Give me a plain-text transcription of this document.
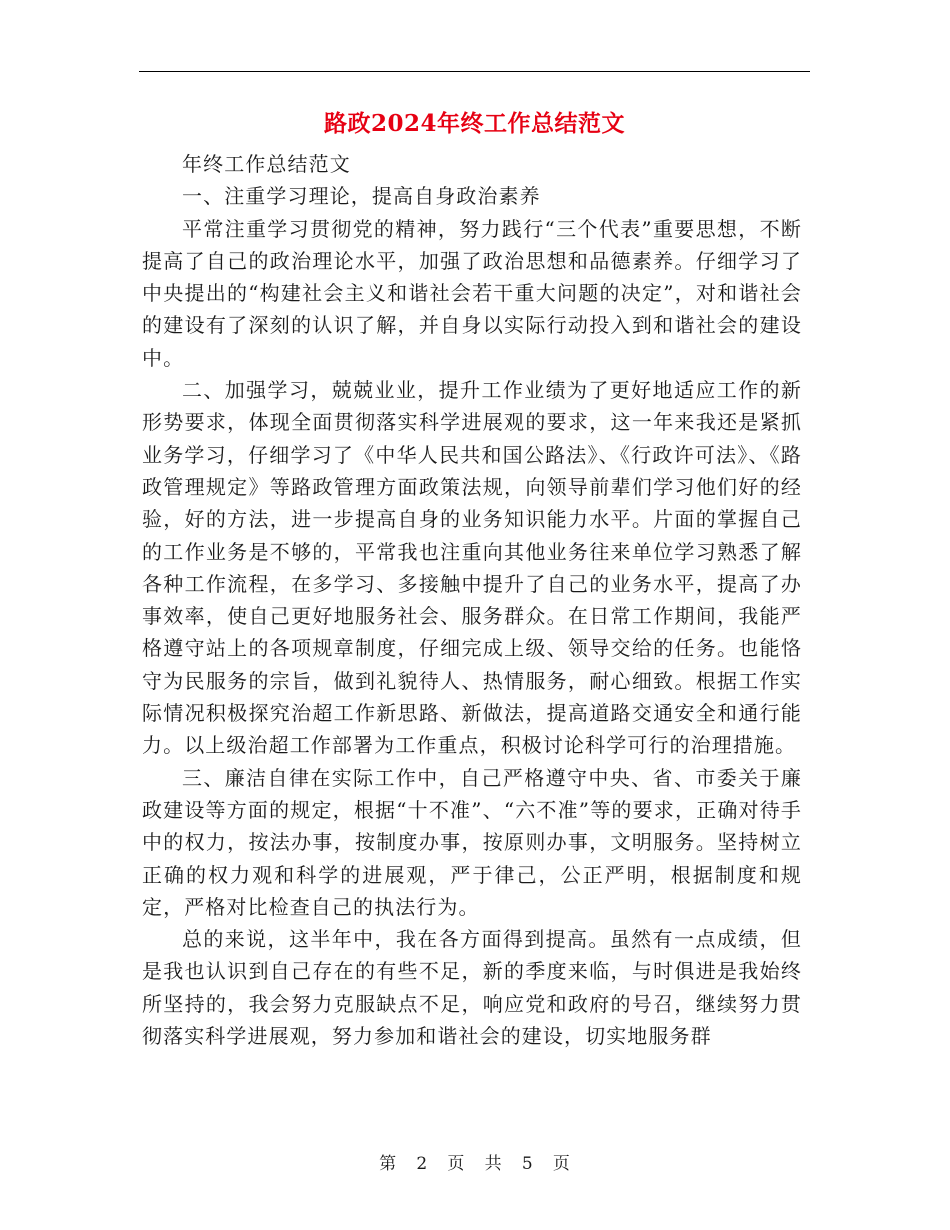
路政2024年终工作总结范文

年终工作总结范文

一、注重学习理论，提高自身政治素养

平常注重学习贯彻党的精神，努力践行“三个代表”重要思想，不断提高了自己的政治理论水平，加强了政治思想和品德素养。仔细学习了中央提出的“构建社会主义和谐社会若干重大问题的决定”，对和谐社会的建设有了深刻的认识了解，并自身以实际行动投入到和谐社会的建设中。

二、加强学习，兢兢业业，提升工作业绩为了更好地适应工作的新形势要求，体现全面贯彻落实科学进展观的要求，这一年来我还是紧抓业务学习，仔细学习了《中华人民共和国公路法》、《行政许可法》、《路政管理规定》等路政管理方面政策法规，向领导前辈们学习他们好的经验，好的方法，进一步提高自身的业务知识能力水平。片面的掌握自己的工作业务是不够的，平常我也注重向其他业务往来单位学习熟悉了解各种工作流程，在多学习、多接触中提升了自己的业务水平，提高了办事效率，使自己更好地服务社会、服务群众。在日常工作期间，我能严格遵守站上的各项规章制度，仔细完成上级、领导交给的任务。也能恪守为民服务的宗旨，做到礼貌待人、热情服务，耐心细致。根据工作实际情况积极探究治超工作新思路、新做法，提高道路交通安全和通行能力。以上级治超工作部署为工作重点，积极讨论科学可行的治理措施。

三、廉洁自律在实际工作中，自己严格遵守中央、省、市委关于廉政建设等方面的规定，根据“十不准”、“六不准”等的要求，正确对待手中的权力，按法办事，按制度办事，按原则办事，文明服务。坚持树立正确的权力观和科学的进展观，严于律己，公正严明，根据制度和规定，严格对比检查自己的执法行为。

总的来说，这半年中，我在各方面得到提高。虽然有一点成绩，但是我也认识到自己存在的有些不足，新的季度来临，与时俱进是我始终所坚持的，我会努力克服缺点不足，响应党和政府的号召，继续努力贯彻落实科学进展观，努力参加和谐社会的建设，切实地服务群

第 2 页 共 5 页
